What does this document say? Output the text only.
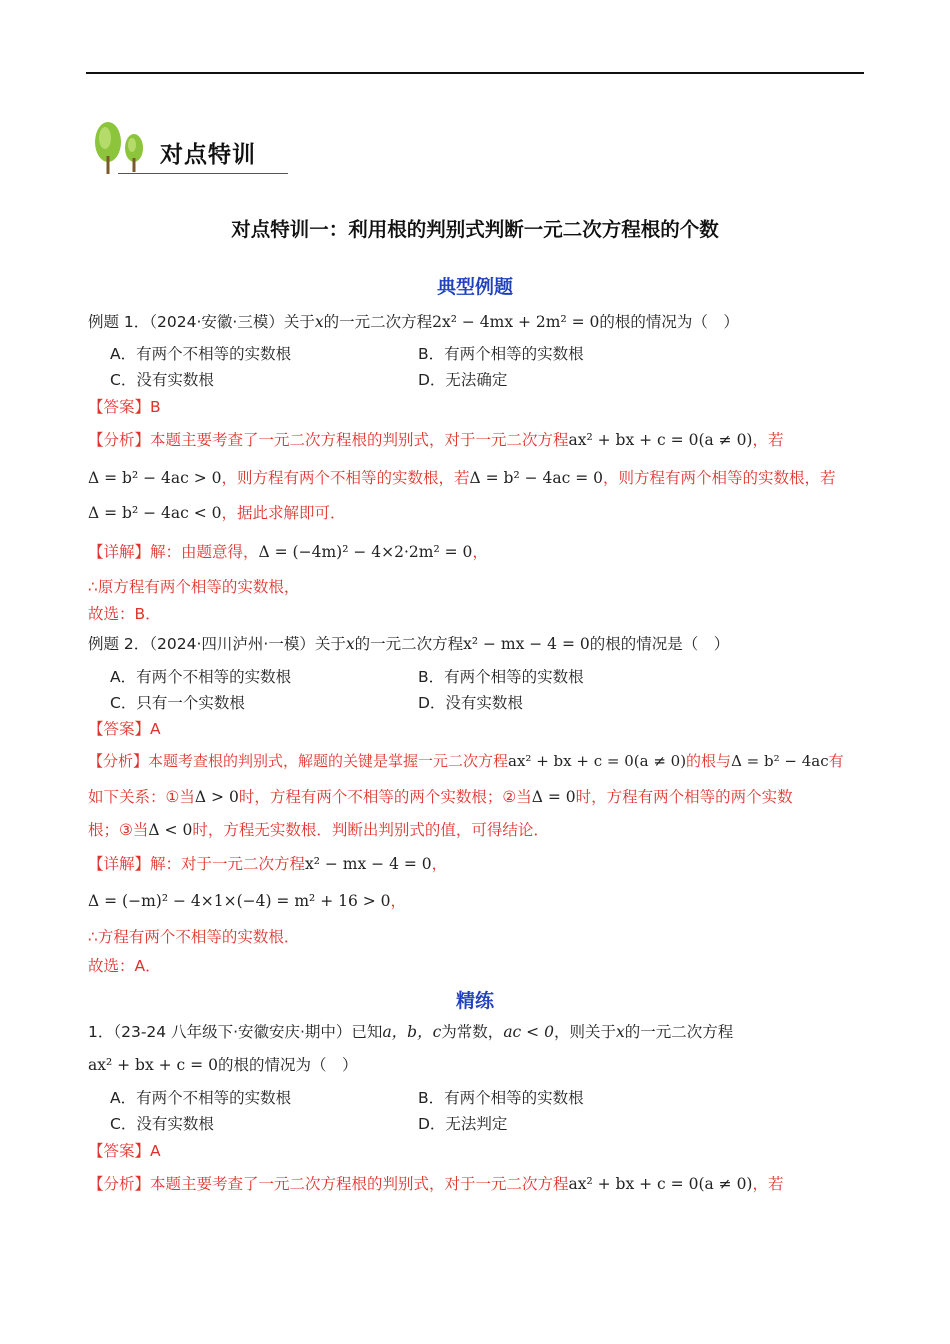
对点特训
对点特训一：利用根的判别式判断一元二次方程根的个数
典型例题
例题 1．（2024·安徽·三模）关于x的一元二次方程2x² − 4mx + 2m² = 0的根的情况为（　）
A．有两个不相等的实数根	B．有两个相等的实数根
C．没有实数根	D．无法确定
【答案】B
【分析】本题主要考查了一元二次方程根的判别式，对于一元二次方程ax² + bx + c = 0(a ≠ 0)，若
Δ = b² − 4ac > 0，则方程有两个不相等的实数根，若Δ = b² − 4ac = 0，则方程有两个相等的实数根，若
Δ = b² − 4ac < 0，据此求解即可．
【详解】解：由题意得，Δ = (−4m)² − 4×2·2m² = 0，
∴原方程有两个相等的实数根，
故选：B．
例题 2．（2024·四川泸州·一模）关于x的一元二次方程x² − mx − 4 = 0的根的情况是（　）
A．有两个不相等的实数根	B．有两个相等的实数根
C．只有一个实数根	D．没有实数根
【答案】A
【分析】本题考查根的判别式，解题的关键是掌握一元二次方程ax² + bx + c = 0(a ≠ 0)的根与Δ = b² − 4ac有
如下关系：①当Δ > 0时，方程有两个不相等的两个实数根；②当Δ = 0时，方程有两个相等的两个实数
根；③当Δ < 0时，方程无实数根．判断出判别式的值，可得结论．
【详解】解：对于一元二次方程x² − mx − 4 = 0，
Δ = (−m)² − 4×1×(−4) = m² + 16 > 0，
∴方程有两个不相等的实数根．
故选：A．
精练
1．（23-24 八年级下·安徽安庆·期中）已知a，b，c为常数，ac < 0，则关于x的一元二次方程
ax² + bx + c = 0的根的情况为（　）
A．有两个不相等的实数根	B．有两个相等的实数根
C．没有实数根	D．无法判定
【答案】A
【分析】本题主要考查了一元二次方程根的判别式，对于一元二次方程ax² + bx + c = 0(a ≠ 0)，若
